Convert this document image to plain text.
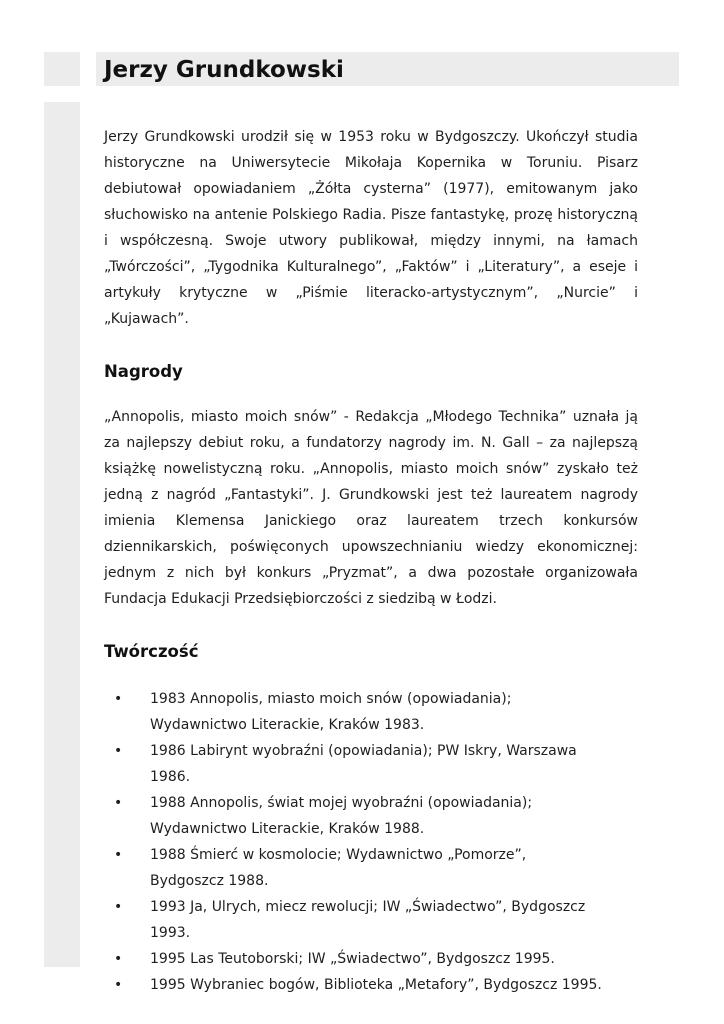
Jerzy Grundkowski

Jerzy Grundkowski urodził się w 1953 roku w Bydgoszczy. Ukończył studia historyczne na Uniwersytecie Mikołaja Kopernika w Toruniu. Pisarz debiutował opowiadaniem „Żółta cysterna” (1977), emitowanym jako słuchowisko na antenie Polskiego Radia. Pisze fantastykę, prozę historyczną i współczesną. Swoje utwory publikował, między innymi, na łamach „Twórczości”, „Tygodnika Kulturalnego”, „Faktów” i „Literatury”, a eseje i artykuły krytyczne w „Piśmie literacko-artystycznym”, „Nurcie” i „Kujawach”.

Nagrody

„Annopolis, miasto moich snów” - Redakcja „Młodego Technika” uznała ją za najlepszy debiut roku, a fundatorzy nagrody im. N. Gall – za najlepszą książkę nowelistyczną roku. „Annopolis, miasto moich snów” zyskało też jedną z nagród „Fantastyki”. J. Grundkowski jest też laureatem nagrody imienia Klemensa Janickiego oraz laureatem trzech konkursów dziennikarskich, poświęconych upowszechnianiu wiedzy ekonomicznej: jednym z nich był konkurs „Pryzmat”, a dwa pozostałe organizowała Fundacja Edukacji Przedsiębiorczości z siedzibą w Łodzi.

Twórczość
• 1983 Annopolis, miasto moich snów (opowiadania); Wydawnictwo Literackie, Kraków 1983.
• 1986 Labirynt wyobraźni (opowiadania); PW Iskry, Warszawa 1986.
• 1988 Annopolis, świat mojej wyobraźni (opowiadania); Wydawnictwo Literackie, Kraków 1988.
• 1988 Śmierć w kosmolocie; Wydawnictwo „Pomorze”, Bydgoszcz 1988.
• 1993 Ja, Ulrych, miecz rewolucji; IW „Świadectwo”, Bydgoszcz 1993.
• 1995 Las Teutoborski; IW „Świadectwo”, Bydgoszcz 1995.
• 1995 Wybraniec bogów, Biblioteka „Metafory”, Bydgoszcz 1995.
